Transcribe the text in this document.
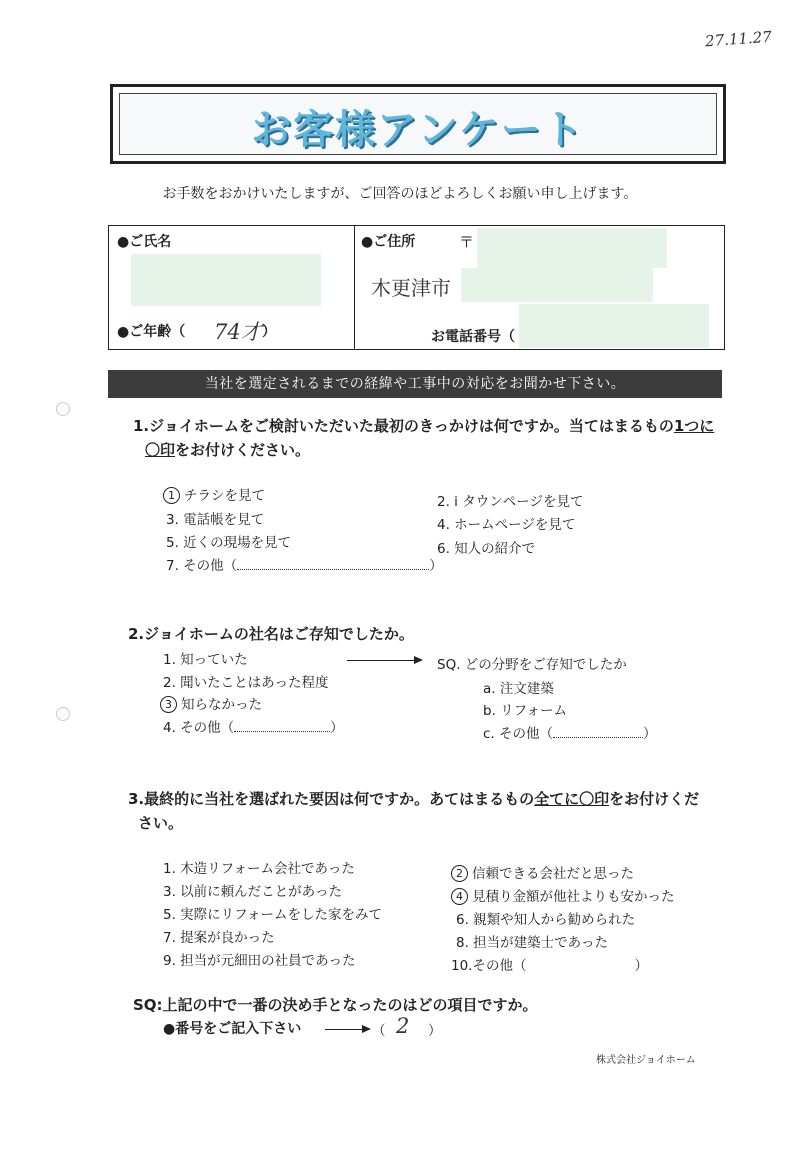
27.11.27
お客様アンケート
お手数をおかけいたしますが、ご回答のほどよろしくお願い申し上げます。
●ご氏名
●ご年齢（ 74才 ）
●ご住所	〒
木更津市
お電話番号（
当社を選定されるまでの経緯や工事中の対応をお聞かせ下さい。
1.ジョイホームをご検討いただいた最初のきっかけは何ですか。当てはまるもの1つに
〇印をお付けください。
1 チラシを見て	2. i タウンページを見て
3. 電話帳を見て	4. ホームページを見て
5. 近くの現場を見て	6. 知人の紹介で
7. その他（	）
2.ジョイホームの社名はご存知でしたか。
1. 知っていた	SQ. どの分野をご存知でしたか
2. 聞いたことはあった程度	a. 注文建築
3 知らなかった	b. リフォーム
4. その他（	）	c. その他（	）
3.最終的に当社を選ばれた要因は何ですか。あてはまるもの全てに〇印をお付けくだ
さい。
1. 木造リフォーム会社であった	2 信頼できる会社だと思った
3. 以前に頼んだことがあった	4 見積り金額が他社よりも安かった
5. 実際にリフォームをした家をみて	6. 親類や知人から勧められた
7. 提案が良かった	8. 担当が建築士であった
9. 担当が元細田の社員であった	10.その他（	）
SQ:上記の中で一番の決め手となったのはどの項目ですか。
●番号をご記入下さい	（ 2 ）
株式会社ジョイホーム
